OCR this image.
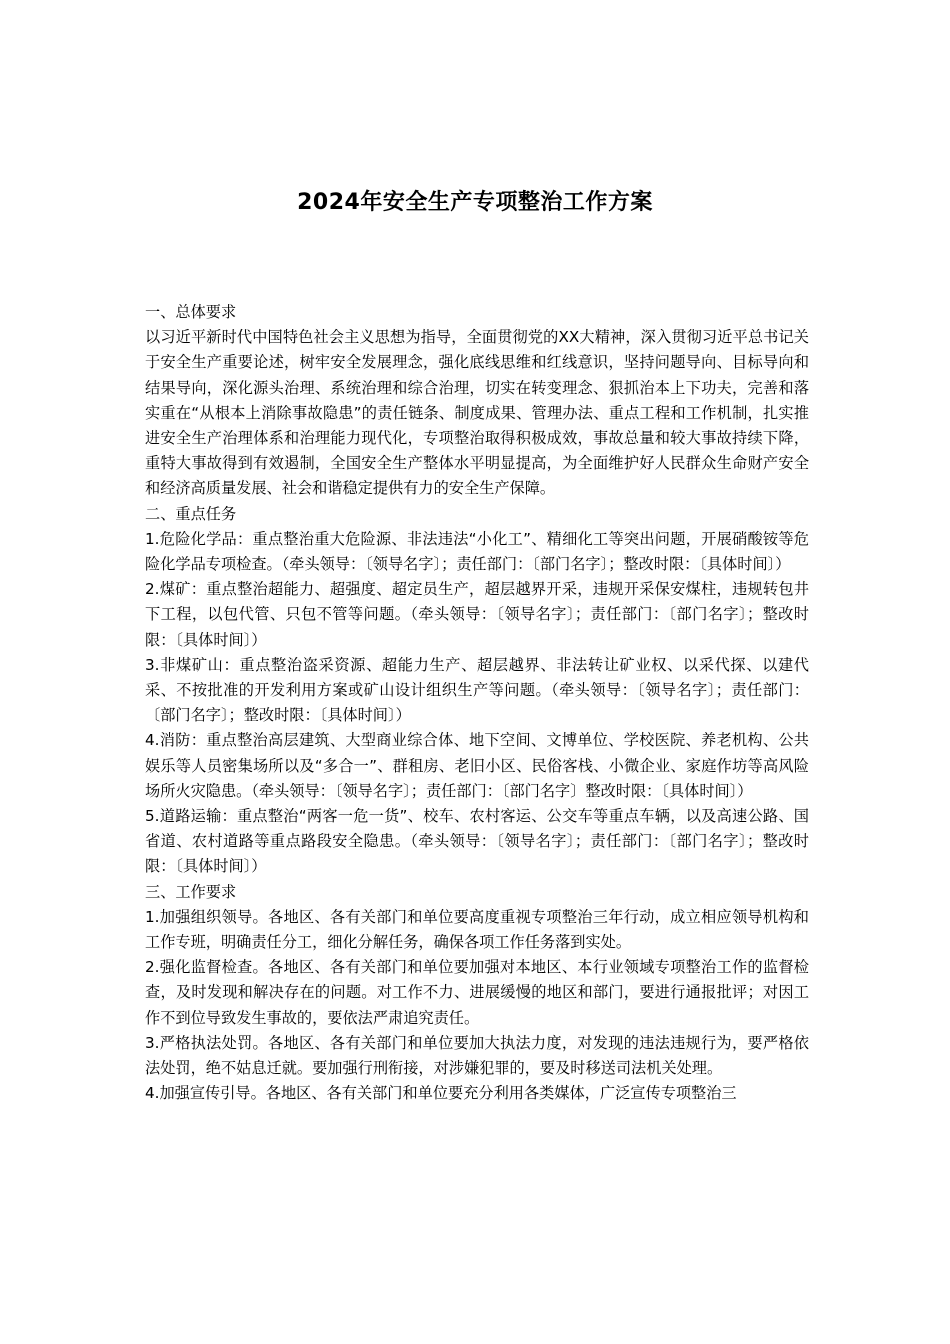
2024年安全生产专项整治工作方案

一、总体要求

以习近平新时代中国特色社会主义思想为指导，全面贯彻党的XX大精神，深入贯彻习近平总书记关于安全生产重要论述，树牢安全发展理念，强化底线思维和红线意识，坚持问题导向、目标导向和结果导向，深化源头治理、系统治理和综合治理，切实在转变理念、狠抓治本上下功夫，完善和落实重在“从根本上消除事故隐患”的责任链条、制度成果、管理办法、重点工程和工作机制，扎实推进安全生产治理体系和治理能力现代化，专项整治取得积极成效，事故总量和较大事故持续下降，重特大事故得到有效遏制，全国安全生产整体水平明显提高，为全面维护好人民群众生命财产安全和经济高质量发展、社会和谐稳定提供有力的安全生产保障。

二、重点任务

1.危险化学品：重点整治重大危险源、非法违法“小化工”、精细化工等突出问题，开展硝酸铵等危险化学品专项检查。（牵头领导：〔领导名字〕；责任部门：〔部门名字〕；整改时限：〔具体时间〕）

2.煤矿：重点整治超能力、超强度、超定员生产，超层越界开采，违规开采保安煤柱，违规转包井下工程，以包代管、只包不管等问题。（牵头领导：〔领导名字〕；责任部门：〔部门名字〕；整改时限：〔具体时间〕）

3.非煤矿山：重点整治盗采资源、超能力生产、超层越界、非法转让矿业权、以采代探、以建代采、不按批准的开发利用方案或矿山设计组织生产等问题。（牵头领导：〔领导名字〕；责任部门：〔部门名字〕；整改时限：〔具体时间〕）

4.消防：重点整治高层建筑、大型商业综合体、地下空间、文博单位、学校医院、养老机构、公共娱乐等人员密集场所以及“多合一”、群租房、老旧小区、民俗客栈、小微企业、家庭作坊等高风险场所火灾隐患。（牵头领导：〔领导名字〕；责任部门：〔部门名字〕整改时限：〔具体时间〕）

5.道路运输：重点整治“两客一危一货”、校车、农村客运、公交车等重点车辆，以及高速公路、国省道、农村道路等重点路段安全隐患。（牵头领导：〔领导名字〕；责任部门：〔部门名字〕；整改时限：〔具体时间〕）

三、工作要求

1.加强组织领导。各地区、各有关部门和单位要高度重视专项整治三年行动，成立相应领导机构和工作专班，明确责任分工，细化分解任务，确保各项工作任务落到实处。

2.强化监督检查。各地区、各有关部门和单位要加强对本地区、本行业领域专项整治工作的监督检查，及时发现和解决存在的问题。对工作不力、进展缓慢的地区和部门，要进行通报批评；对因工作不到位导致发生事故的，要依法严肃追究责任。

3.严格执法处罚。各地区、各有关部门和单位要加大执法力度，对发现的违法违规行为，要严格依法处罚，绝不姑息迁就。要加强行刑衔接，对涉嫌犯罪的，要及时移送司法机关处理。

4.加强宣传引导。各地区、各有关部门和单位要充分利用各类媒体，广泛宣传专项整治三
